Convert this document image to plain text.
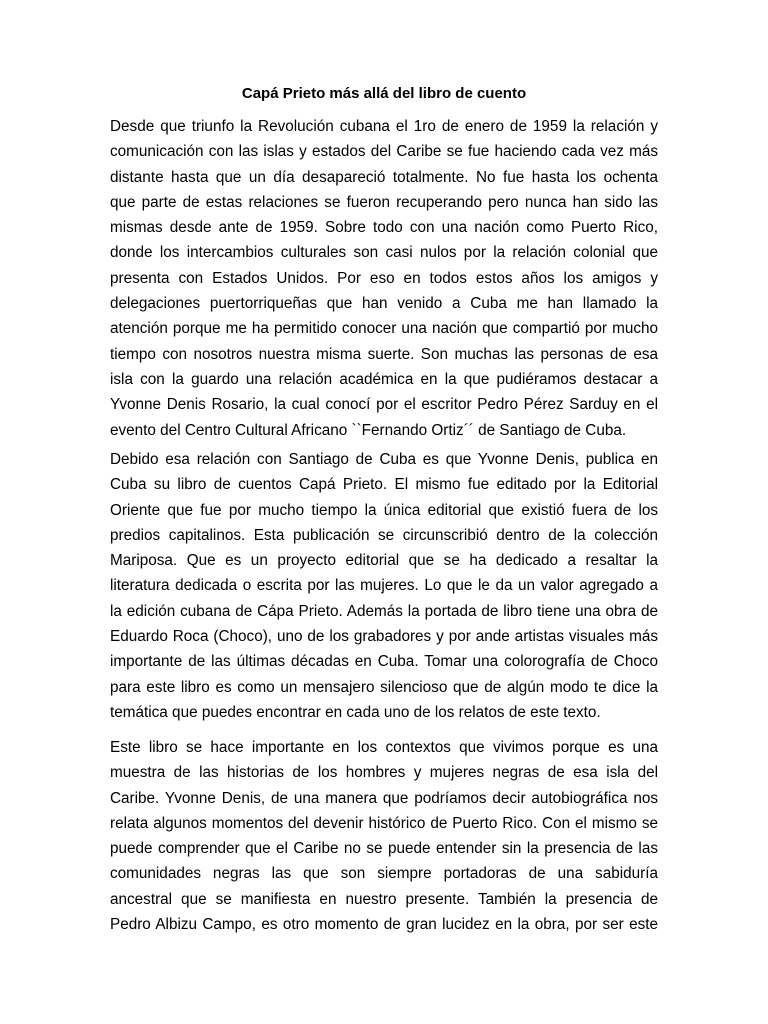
Capá Prieto más allá del libro de cuento
Desde que triunfo la Revolución cubana el 1ro de enero de 1959 la relación y
comunicación con las islas y estados del Caribe se fue haciendo cada vez más
distante hasta que un día desapareció totalmente. No fue hasta los ochenta
que parte de estas relaciones se fueron recuperando pero nunca han sido las
mismas desde ante de 1959. Sobre todo con una nación como Puerto Rico,
donde los intercambios culturales son casi nulos por la relación colonial que
presenta con Estados Unidos. Por eso en todos estos años los amigos y
delegaciones puertorriqueñas que han venido a Cuba me han llamado la
atención porque me ha permitido conocer una nación que compartió por mucho
tiempo con nosotros nuestra misma suerte. Son muchas las personas de esa
isla con la guardo una relación académica en la que pudiéramos destacar a
Yvonne Denis Rosario, la cual conocí por el escritor Pedro Pérez Sarduy en el
evento del Centro Cultural Africano ``Fernando Ortiz´´ de Santiago de Cuba.
Debido esa relación con Santiago de Cuba es que Yvonne Denis, publica en
Cuba su libro de cuentos Capá Prieto. El mismo fue editado por la Editorial
Oriente que fue por mucho tiempo la única editorial que existió fuera de los
predios capitalinos. Esta publicación se circunscribió dentro de la colección
Mariposa. Que es un proyecto editorial que se ha dedicado a resaltar la
literatura dedicada o escrita por las mujeres. Lo que le da un valor agregado a
la edición cubana de Cápa Prieto. Además la portada de libro tiene una obra de
Eduardo Roca (Choco), uno de los grabadores y por ande artistas visuales más
importante de las últimas décadas en Cuba. Tomar una colorografía de Choco
para este libro es como un mensajero silencioso que de algún modo te dice la
temática que puedes encontrar en cada uno de los relatos de este texto.
Este libro se hace importante en los contextos que vivimos porque es una
muestra de las historias de los hombres y mujeres negras de esa isla del
Caribe. Yvonne Denis, de una manera que podríamos decir autobiográfica nos
relata algunos momentos del devenir histórico de Puerto Rico. Con el mismo se
puede comprender que el Caribe no se puede entender sin la presencia de las
comunidades negras las que son siempre portadoras de una sabiduría
ancestral que se manifiesta en nuestro presente. También la presencia de
Pedro Albizu Campo, es otro momento de gran lucidez en la obra, por ser este
